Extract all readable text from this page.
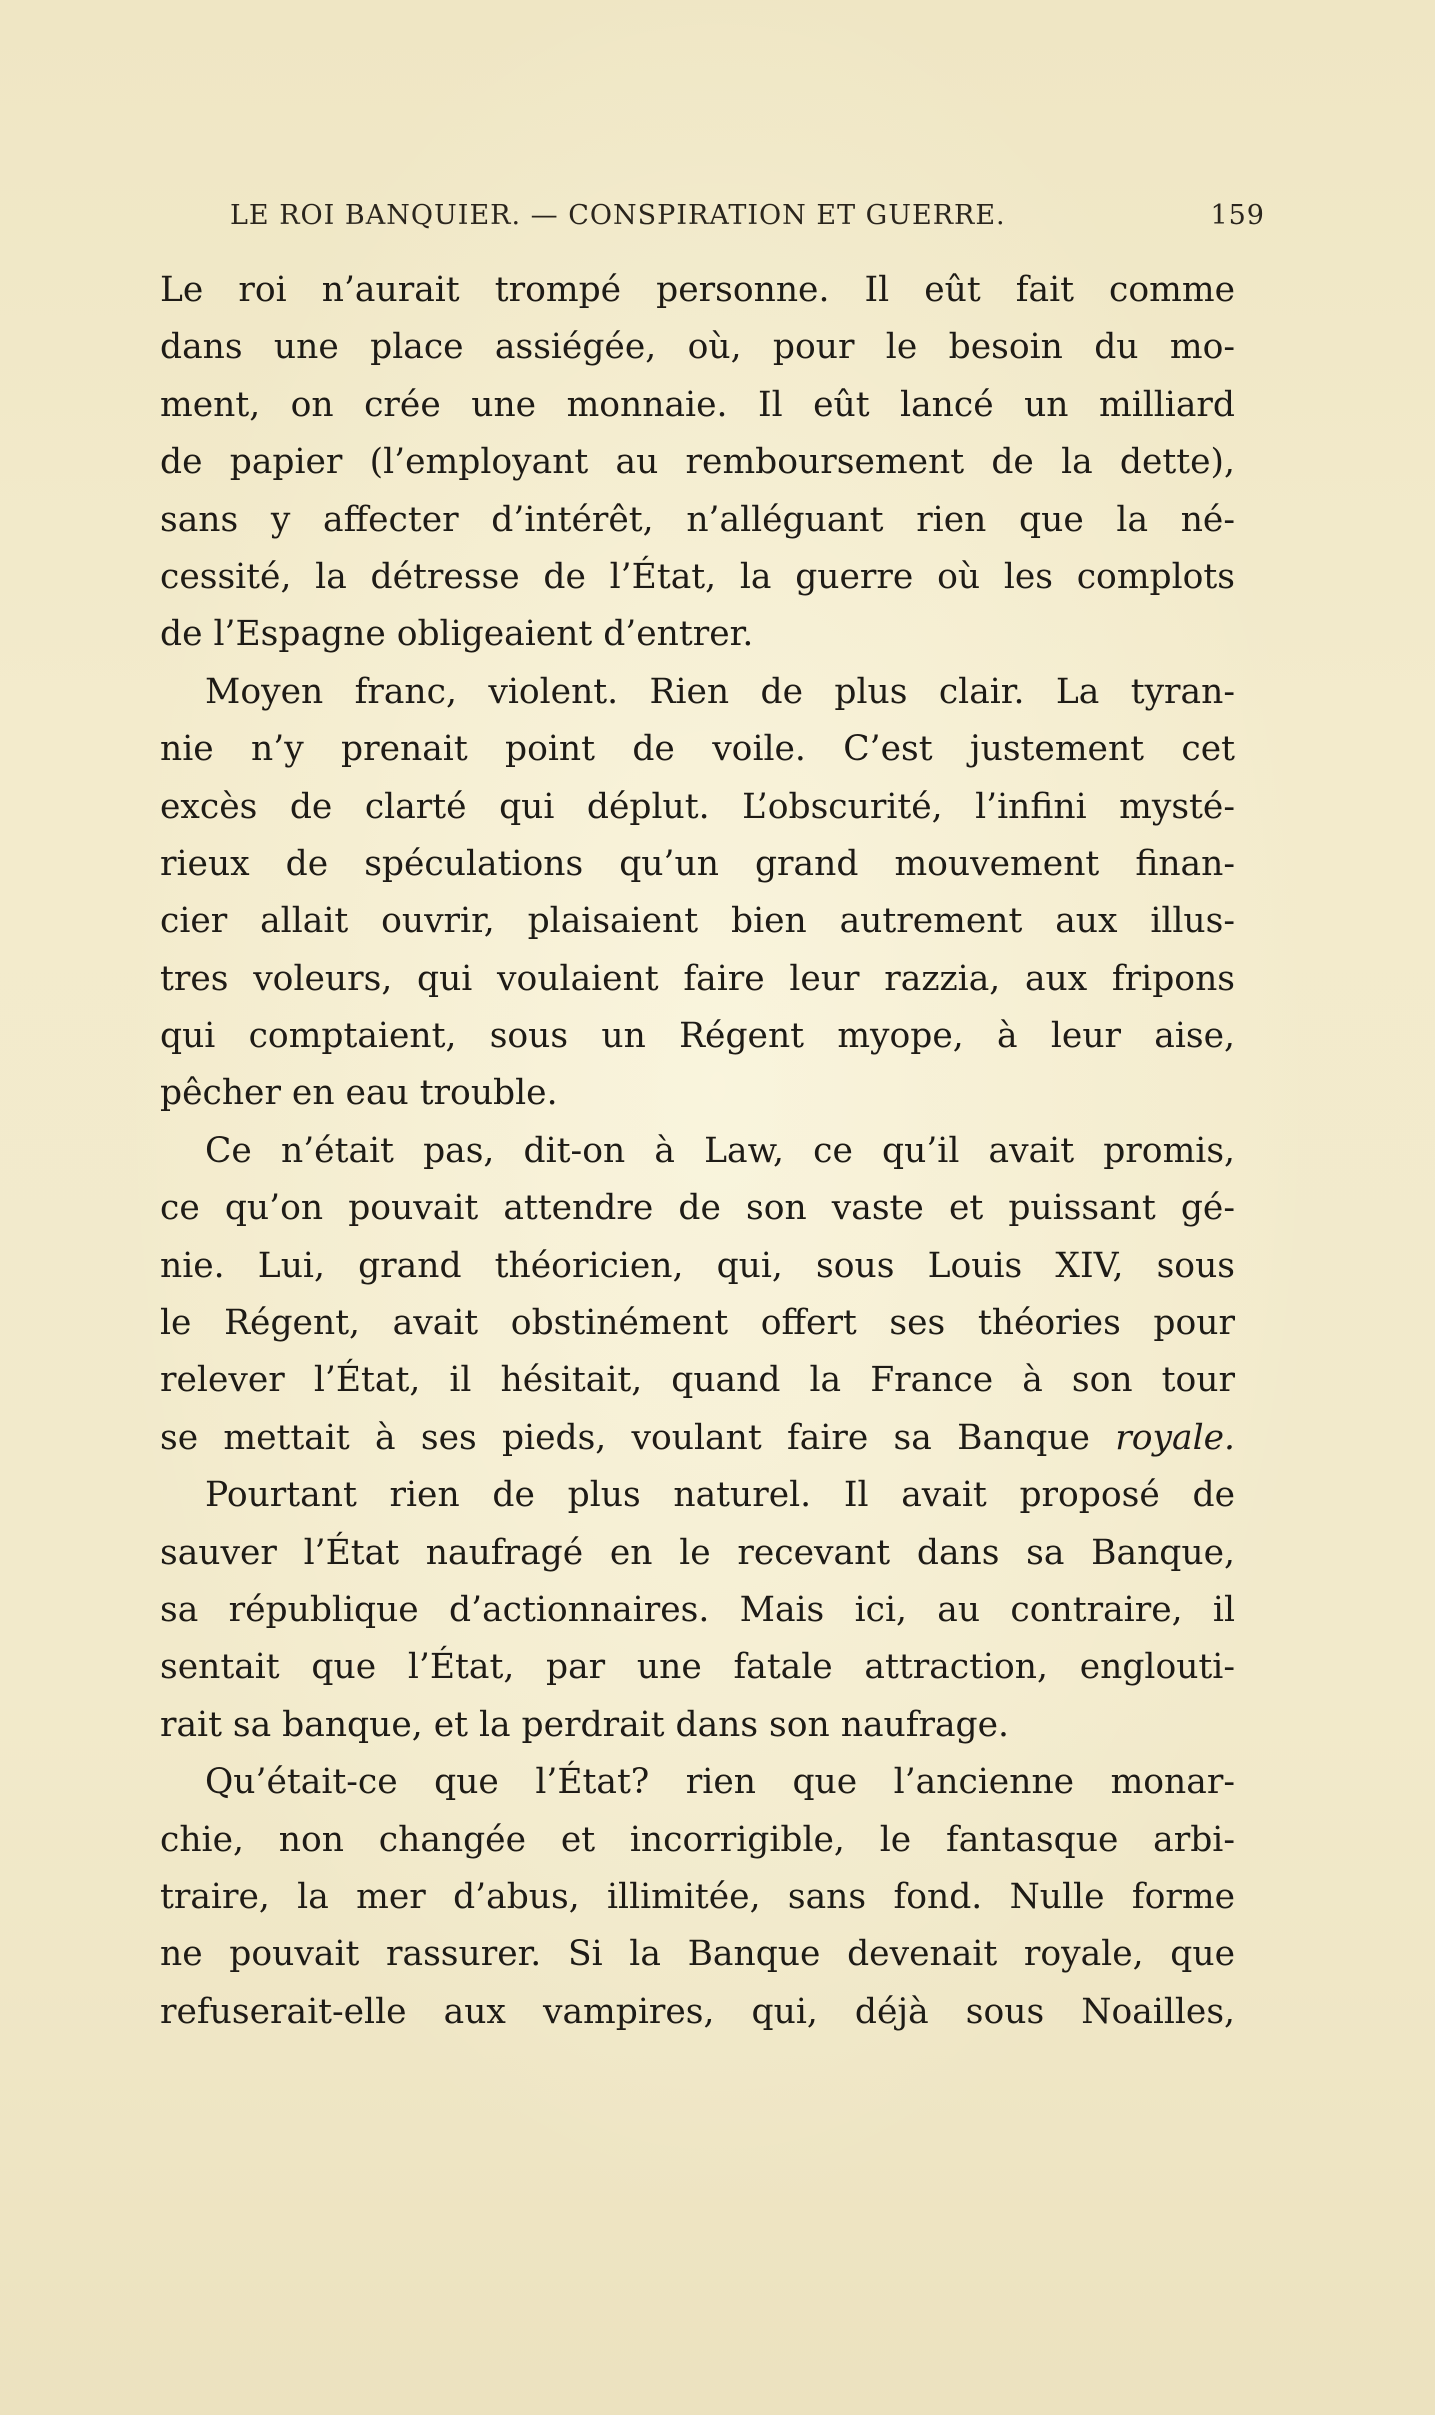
LE ROI BANQUIER. — CONSPIRATION ET GUERRE.	159
Le roi n’aurait trompé personne. Il eût fait comme
dans une place assiégée, où, pour le besoin du mo-
ment, on crée une monnaie. Il eût lancé un milliard
de papier (l’employant au remboursement de la dette),
sans y affecter d’intérêt, n’alléguant rien que la né-
cessité, la détresse de l’État, la guerre où les complots
de l’Espagne obligeaient d’entrer.
Moyen franc, violent. Rien de plus clair. La tyran-
nie n’y prenait point de voile. C’est justement cet
excès de clarté qui déplut. L’obscurité, l’infini mysté-
rieux de spéculations qu’un grand mouvement finan-
cier allait ouvrir, plaisaient bien autrement aux illus-
tres voleurs, qui voulaient faire leur razzia, aux fripons
qui comptaient, sous un Régent myope, à leur aise,
pêcher en eau trouble.
Ce n’était pas, dit-on à Law, ce qu’il avait promis,
ce qu’on pouvait attendre de son vaste et puissant gé-
nie. Lui, grand théoricien, qui, sous Louis XIV, sous
le Régent, avait obstinément offert ses théories pour
relever l’État, il hésitait, quand la France à son tour
se mettait à ses pieds, voulant faire sa Banque royale.
Pourtant rien de plus naturel. Il avait proposé de
sauver l’État naufragé en le recevant dans sa Banque,
sa république d’actionnaires. Mais ici, au contraire, il
sentait que l’État, par une fatale attraction, englouti-
rait sa banque, et la perdrait dans son naufrage.
Qu’était-ce que l’État? rien que l’ancienne monar-
chie, non changée et incorrigible, le fantasque arbi-
traire, la mer d’abus, illimitée, sans fond. Nulle forme
ne pouvait rassurer. Si la Banque devenait royale, que
refuserait-elle aux vampires, qui, déjà sous Noailles,
